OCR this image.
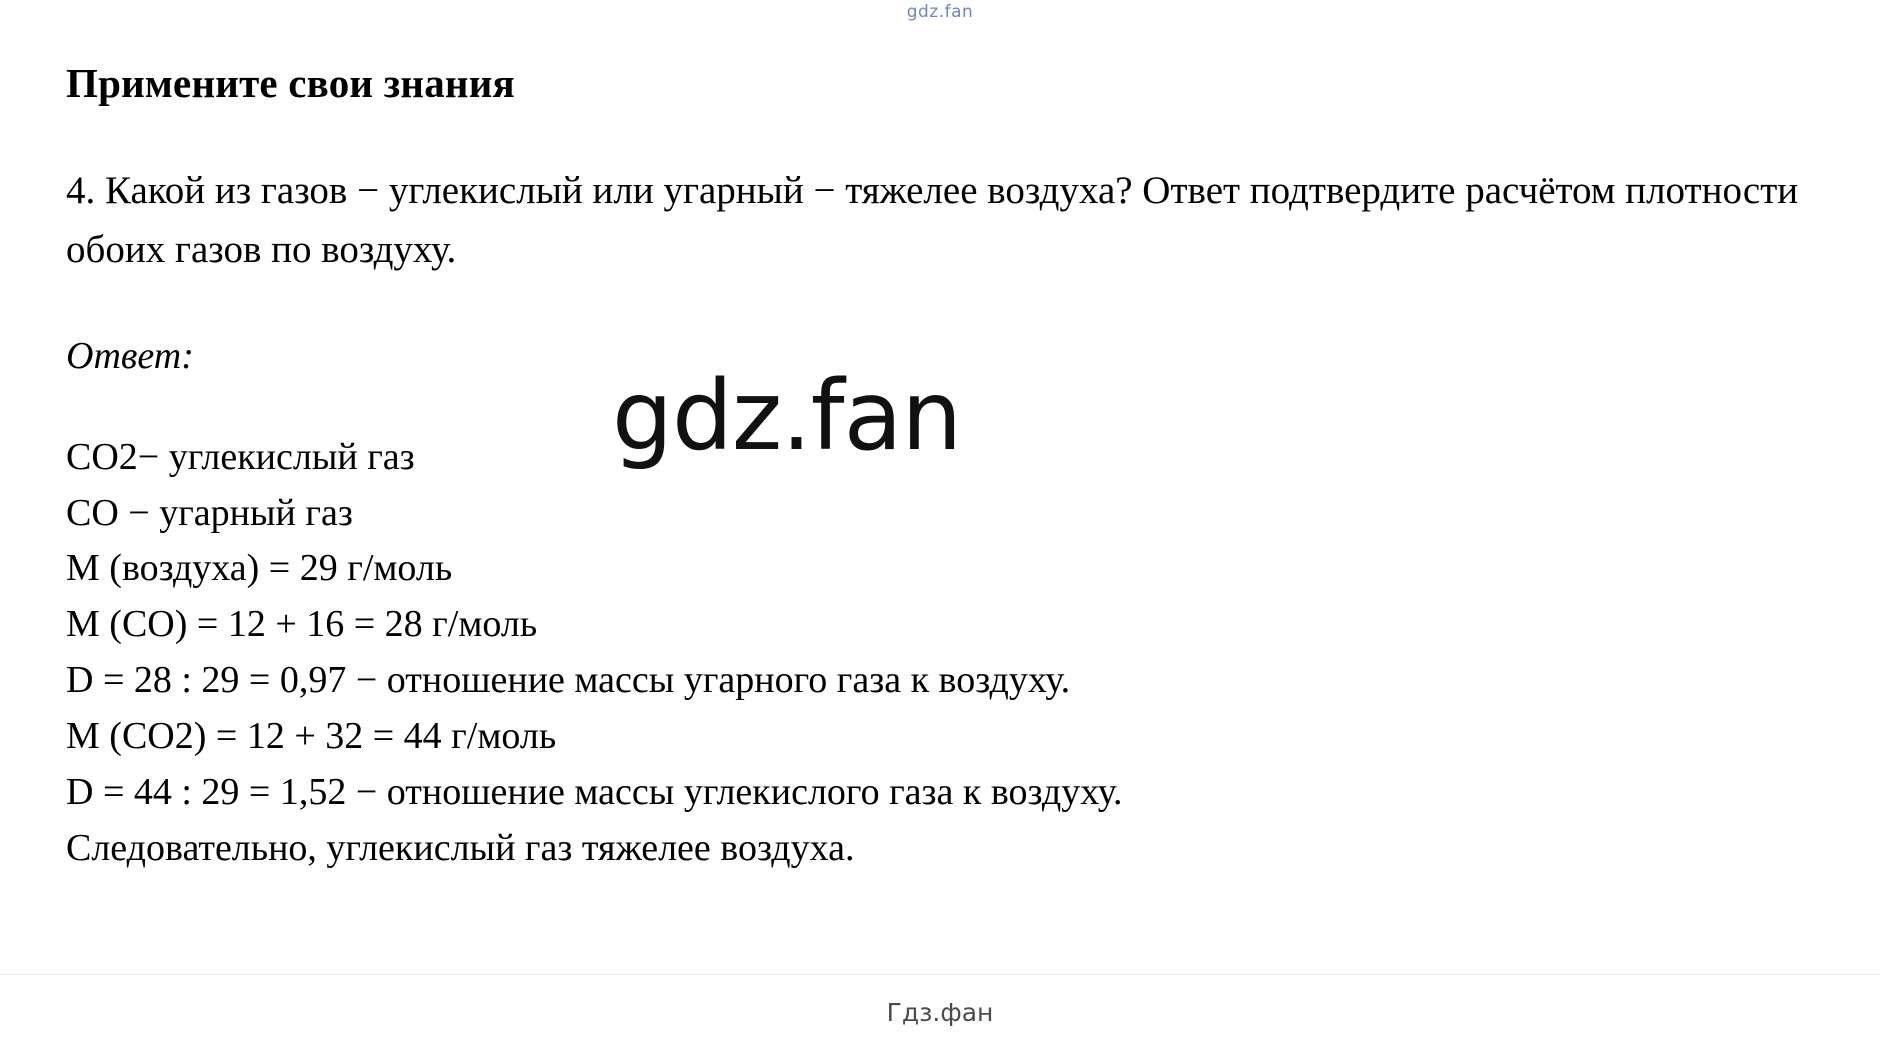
gdz.fan
gdz.fan
Примените свои знания

4. Какой из газов − углекислый или угарный − тяжелее воздуха? Ответ подтвердите расчётом плотности обоих газов по воздуху.

Ответ:

CO2− углекислый газ

CO − угарный газ

M (воздуха) = 29 г/моль

M (CO) = 12 + 16 = 28 г/моль

D = 28 : 29 = 0,97 − отношение массы угарного газа к воздуху.

M (CO2) = 12 + 32 = 44 г/моль

D = 44 : 29 = 1,52 − отношение массы углекислого газа к воздуху.

Следовательно, углекислый газ тяжелее воздуха.

Гдз.фан
